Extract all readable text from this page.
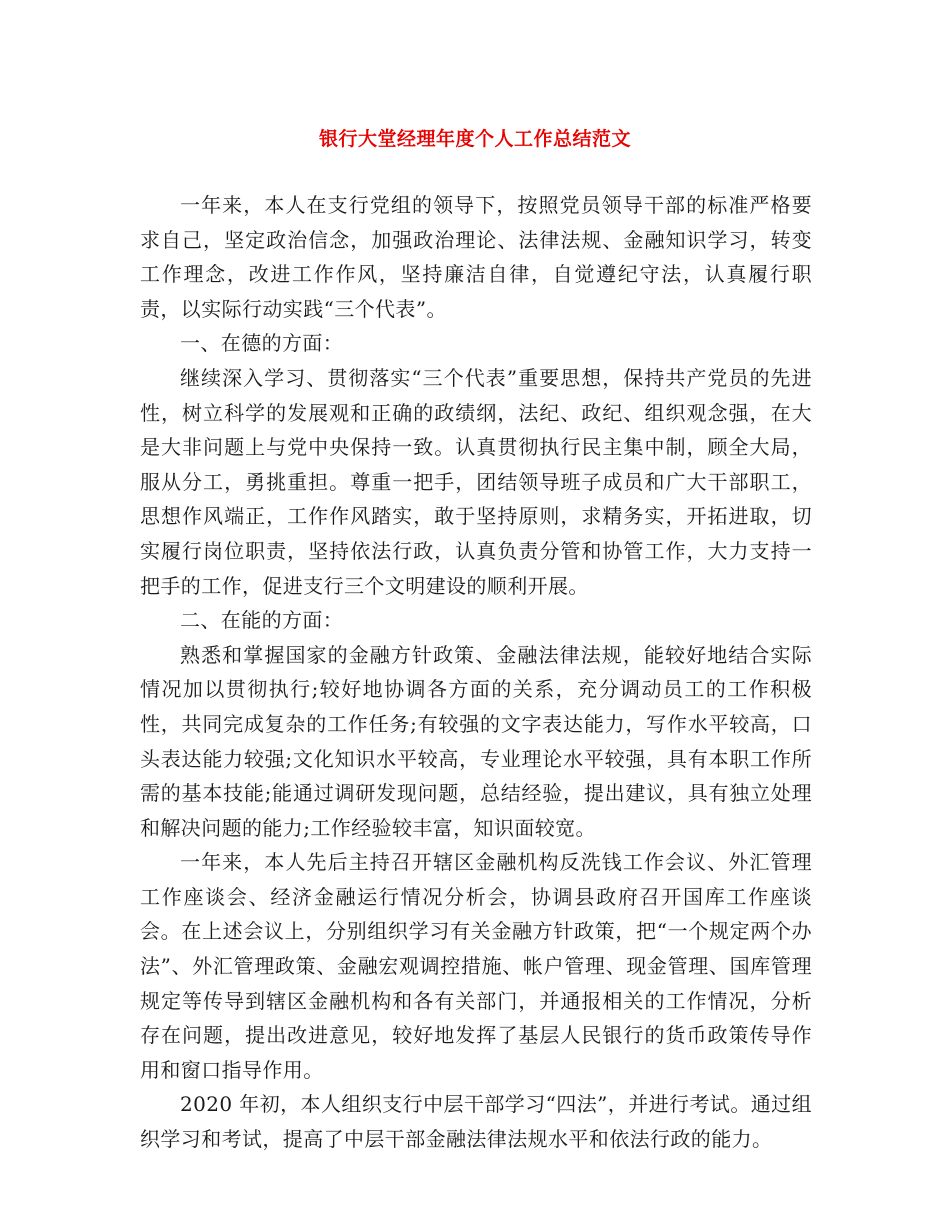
银行大堂经理年度个人工作总结范文

一年来，本人在支行党组的领导下，按照党员领导干部的标准严格要求自己，坚定政治信念，加强政治理论、法律法规、金融知识学习，转变工作理念，改进工作作风，坚持廉洁自律，自觉遵纪守法，认真履行职责，以实际行动实践“三个代表”。

一、在德的方面：

继续深入学习、贯彻落实“三个代表”重要思想，保持共产党员的先进性，树立科学的发展观和正确的政绩纲，法纪、政纪、组织观念强，在大是大非问题上与党中央保持一致。认真贯彻执行民主集中制，顾全大局，服从分工，勇挑重担。尊重一把手，团结领导班子成员和广大干部职工，思想作风端正，工作作风踏实，敢于坚持原则，求精务实，开拓进取，切实履行岗位职责，坚持依法行政，认真负责分管和协管工作，大力支持一把手的工作，促进支行三个文明建设的顺利开展。

二、在能的方面：

熟悉和掌握国家的金融方针政策、金融法律法规，能较好地结合实际情况加以贯彻执行;较好地协调各方面的关系，充分调动员工的工作积极性，共同完成复杂的工作任务;有较强的文字表达能力，写作水平较高，口头表达能力较强;文化知识水平较高，专业理论水平较强，具有本职工作所需的基本技能;能通过调研发现问题，总结经验，提出建议，具有独立处理和解决问题的能力;工作经验较丰富，知识面较宽。

一年来，本人先后主持召开辖区金融机构反洗钱工作会议、外汇管理工作座谈会、经济金融运行情况分析会，协调县政府召开国库工作座谈会。在上述会议上，分别组织学习有关金融方针政策，把“一个规定两个办法”、外汇管理政策、金融宏观调控措施、帐户管理、现金管理、国库管理规定等传导到辖区金融机构和各有关部门，并通报相关的工作情况，分析存在问题，提出改进意见，较好地发挥了基层人民银行的货币政策传导作用和窗口指导作用。

2020 年初，本人组织支行中层干部学习“四法”，并进行考试。通过组织学习和考试，提高了中层干部金融法律法规水平和依法行政的能力。
